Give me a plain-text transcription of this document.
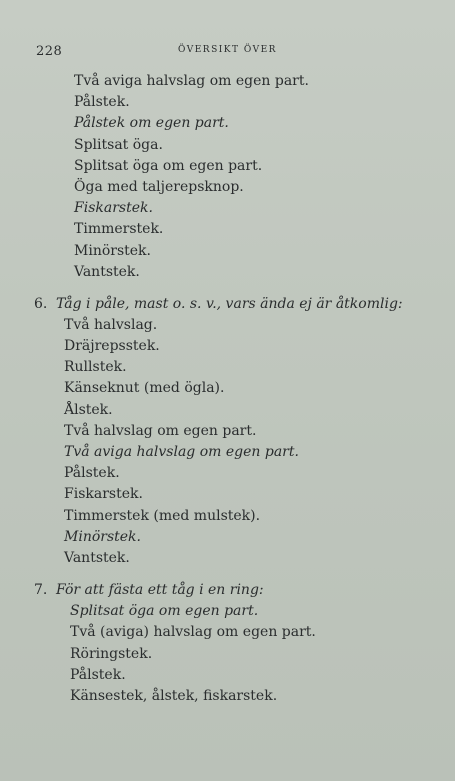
228	ÖVERSIKT ÖVER
Två aviga halvslag om egen part.
Pålstek.
Pålstek om egen part.
Splitsat öga.
Splitsat öga om egen part.
Öga med taljerepsknop.
Fiskarstek.
Timmerstek.
Minörstek.
Vantstek.
6. Tåg i påle, mast o. s. v., vars ända ej är åtkomlig:
Två halvslag.
Dräjrepsstek.
Rullstek.
Känseknut (med ögla).
Ålstek.
Två halvslag om egen part.
Två aviga halvslag om egen part.
Pålstek.
Fiskarstek.
Timmerstek (med mulstek).
Minörstek.
Vantstek.
7. För att fästa ett tåg i en ring:
Splitsat öga om egen part.
Två (aviga) halvslag om egen part.
Röringstek.
Pålstek.
Känsestek, ålstek, fiskarstek.
